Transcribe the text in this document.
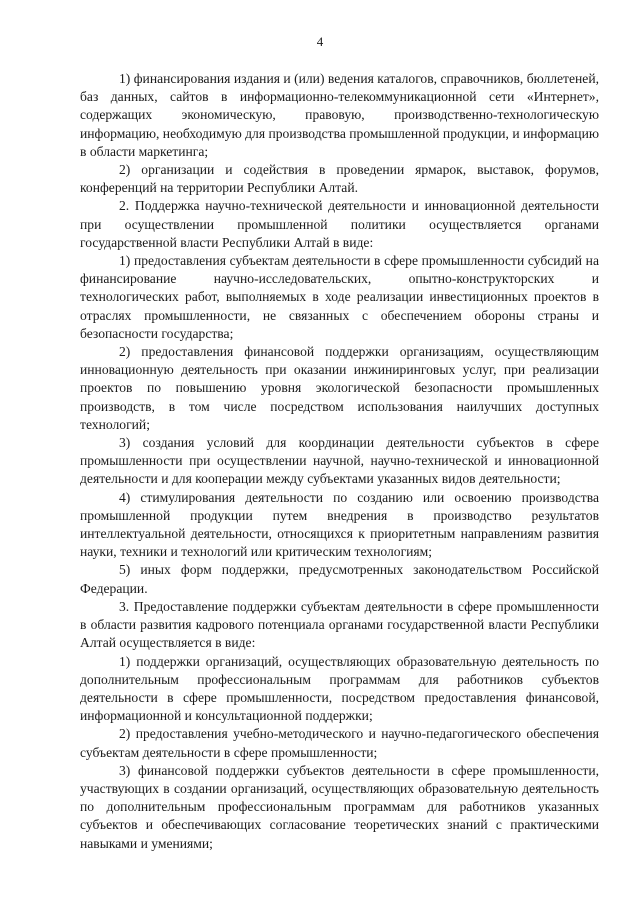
4

1) финансирования издания и (или) ведения каталогов, справочников, бюллетеней, баз данных, сайтов в информационно-телекоммуникационной сети «Интернет», содержащих экономическую, правовую, производственно-технологическую информацию, необходимую для производства промышленной продукции, и информацию в области маркетинга;

2) организации и содействия в проведении ярмарок, выставок, форумов, конференций на территории Республики Алтай.

2. Поддержка научно-технической деятельности и инновационной деятельности при осуществлении промышленной политики осуществляется органами государственной власти Республики Алтай в виде:

1) предоставления субъектам деятельности в сфере промышленности субсидий на финансирование научно-исследовательских, опытно-конструкторских и технологических работ, выполняемых в ходе реализации инвестиционных проектов в отраслях промышленности, не связанных с обеспечением обороны страны и безопасности государства;

2) предоставления финансовой поддержки организациям, осуществляющим инновационную деятельность при оказании инжиниринговых услуг, при реализации проектов по повышению уровня экологической безопасности промышленных производств, в том числе посредством использования наилучших доступных технологий;

3) создания условий для координации деятельности субъектов в сфере промышленности при осуществлении научной, научно-технической и инновационной деятельности и для кооперации между субъектами указанных видов деятельности;

4) стимулирования деятельности по созданию или освоению производства промышленной продукции путем внедрения в производство результатов интеллектуальной деятельности, относящихся к приоритетным направлениям развития науки, техники и технологий или критическим технологиям;

5) иных форм поддержки, предусмотренных законодательством Российской Федерации.

3. Предоставление поддержки субъектам деятельности в сфере промышленности в области развития кадрового потенциала органами государственной власти Республики Алтай осуществляется в виде:

1) поддержки организаций, осуществляющих образовательную деятельность по дополнительным профессиональным программам для работников субъектов деятельности в сфере промышленности, посредством предоставления финансовой, информационной и консультационной поддержки;

2) предоставления учебно-методического и научно-педагогического обеспечения субъектам деятельности в сфере промышленности;

3) финансовой поддержки субъектов деятельности в сфере промышленности, участвующих в создании организаций, осуществляющих образовательную деятельность по дополнительным профессиональным программам для работников указанных субъектов и обеспечивающих согласование теоретических знаний с практическими навыками и умениями;
